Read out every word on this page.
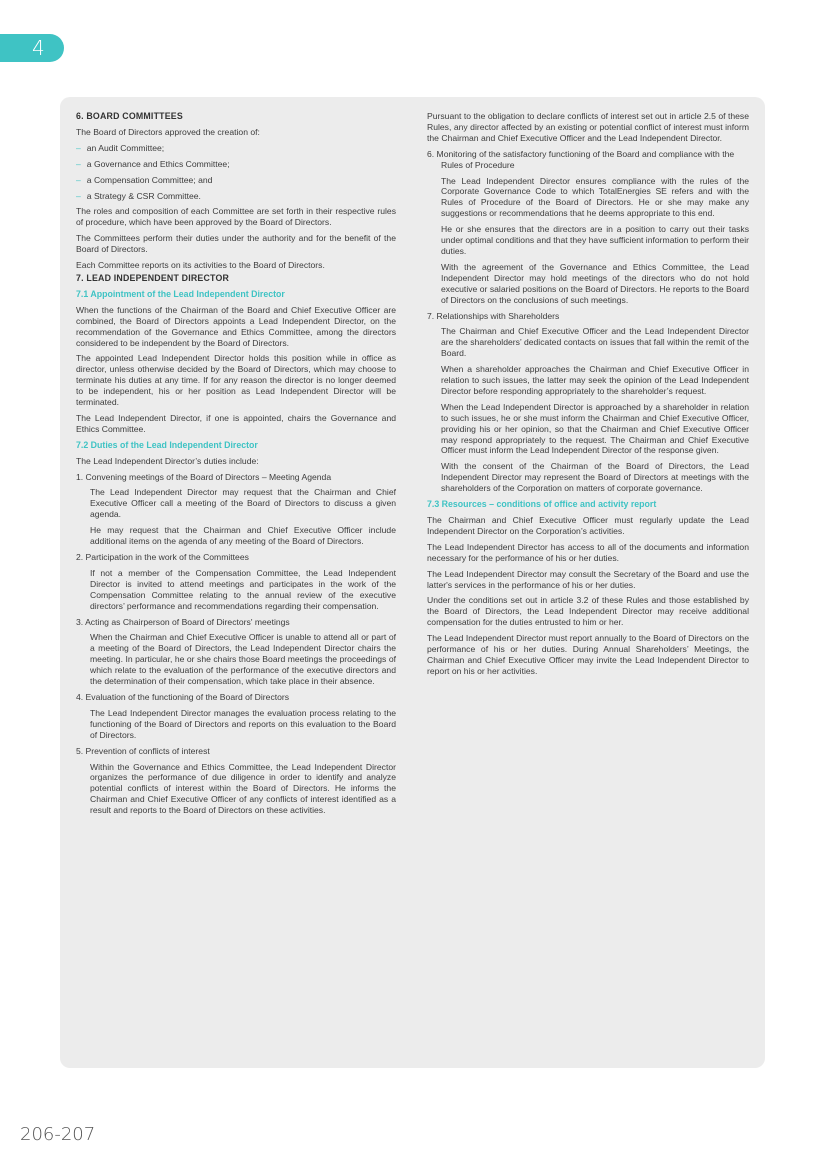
4
6. BOARD COMMITTEES

The Board of Directors approved the creation of:

– an Audit Committee;
– a Governance and Ethics Committee;
– a Compensation Committee; and
– a Strategy & CSR Committee.

The roles and composition of each Committee are set forth in their respective rules of procedure, which have been approved by the Board of Directors.

The Committees perform their duties under the authority and for the benefit of the Board of Directors.

Each Committee reports on its activities to the Board of Directors.

7. LEAD INDEPENDENT DIRECTOR
7.1 Appointment of the Lead Independent Director

When the functions of the Chairman of the Board and Chief Executive Officer are combined, the Board of Directors appoints a Lead Independent Director, on the recommendation of the Governance and Ethics Committee, among the directors considered to be independent by the Board of Directors.

The appointed Lead Independent Director holds this position while in office as director, unless otherwise decided by the Board of Directors, which may choose to terminate his duties at any time. If for any reason the director is no longer deemed to be independent, his or her position as Lead Independent Director will be terminated.

The Lead Independent Director, if one is appointed, chairs the Governance and Ethics Committee.

7.2 Duties of the Lead Independent Director

The Lead Independent Director’s duties include:

1. Convening meetings of the Board of Directors – Meeting Agenda

The Lead Independent Director may request that the Chairman and Chief Executive Officer call a meeting of the Board of Directors to discuss a given agenda.

He may request that the Chairman and Chief Executive Officer include additional items on the agenda of any meeting of the Board of Directors.

2. Participation in the work of the Committees

If not a member of the Compensation Committee, the Lead Independent Director is invited to attend meetings and participates in the work of the Compensation Committee relating to the annual review of the executive directors’ performance and recommendations regarding their compensation.

3. Acting as Chairperson of Board of Directors' meetings

When the Chairman and Chief Executive Officer is unable to attend all or part of a meeting of the Board of Directors, the Lead Independent Director chairs the meeting. In particular, he or she chairs those Board meetings the proceedings of which relate to the evaluation of the performance of the executive directors and the determination of their compensation, which take place in their absence.

4. Evaluation of the functioning of the Board of Directors

The Lead Independent Director manages the evaluation process relating to the functioning of the Board of Directors and reports on this evaluation to the Board of Directors.

5. Prevention of conflicts of interest

Within the Governance and Ethics Committee, the Lead Independent Director organizes the performance of due diligence in order to identify and analyze potential conflicts of interest within the Board of Directors. He informs the Chairman and Chief Executive Officer of any conflicts of interest identified as a result and reports to the Board of Directors on these activities.

Pursuant to the obligation to declare conflicts of interest set out in article 2.5 of these Rules, any director affected by an existing or potential conflict of interest must inform the Chairman and Chief Executive Officer and the Lead Independent Director.

6. Monitoring of the satisfactory functioning of the Board and compliance with the Rules of Procedure

The Lead Independent Director ensures compliance with the rules of the Corporate Governance Code to which TotalEnergies SE refers and with the Rules of Procedure of the Board of Directors. He or she may make any suggestions or recommendations that he deems appropriate to this end.

He or she ensures that the directors are in a position to carry out their tasks under optimal conditions and that they have sufficient information to perform their duties.

With the agreement of the Governance and Ethics Committee, the Lead Independent Director may hold meetings of the directors who do not hold executive or salaried positions on the Board of Directors. He reports to the Board of Directors on the conclusions of such meetings.

7. Relationships with Shareholders

The Chairman and Chief Executive Officer and the Lead Independent Director are the shareholders’ dedicated contacts on issues that fall within the remit of the Board.

When a shareholder approaches the Chairman and Chief Executive Officer in relation to such issues, the latter may seek the opinion of the Lead Independent Director before responding appropriately to the shareholder’s request.

When the Lead Independent Director is approached by a shareholder in relation to such issues, he or she must inform the Chairman and Chief Executive Officer, providing his or her opinion, so that the Chairman and Chief Executive Officer may respond appropriately to the request. The Chairman and Chief Executive Officer must inform the Lead Independent Director of the response given.

With the consent of the Chairman of the Board of Directors, the Lead Independent Director may represent the Board of Directors at meetings with the shareholders of the Corporation on matters of corporate governance.

7.3 Resources – conditions of office and activity report

The Chairman and Chief Executive Officer must regularly update the Lead Independent Director on the Corporation’s activities.

The Lead Independent Director has access to all of the documents and information necessary for the performance of his or her duties.

The Lead Independent Director may consult the Secretary of the Board and use the latter's services in the performance of his or her duties.

Under the conditions set out in article 3.2 of these Rules and those established by the Board of Directors, the Lead Independent Director may receive additional compensation for the duties entrusted to him or her.

The Lead Independent Director must report annually to the Board of Directors on the performance of his or her duties. During Annual Shareholders’ Meetings, the Chairman and Chief Executive Officer may invite the Lead Independent Director to report on his or her activities.

206-207
